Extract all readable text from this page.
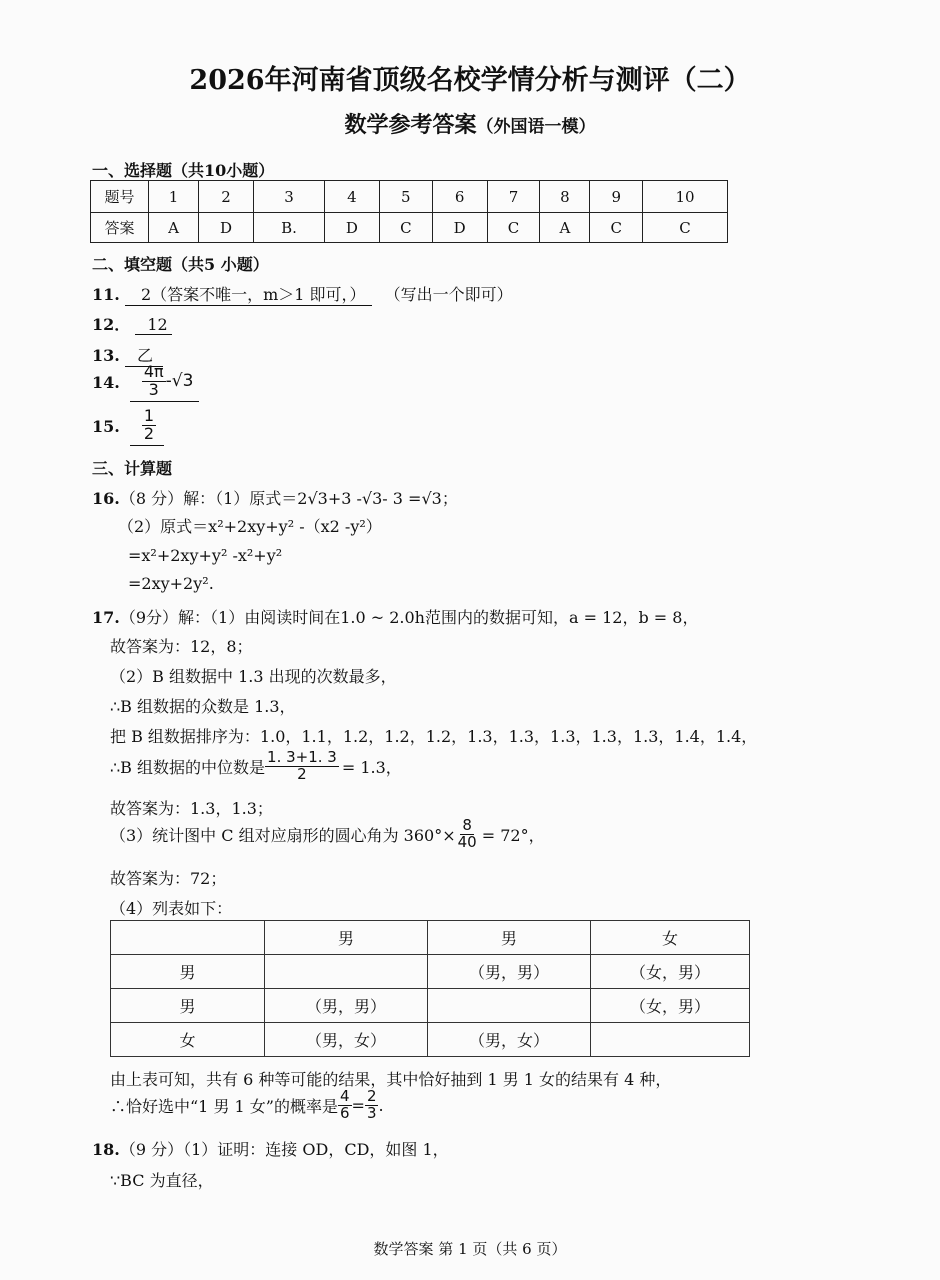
2026年河南省顶级名校学情分析与测评（二）
数学参考答案（外国语一模）
一、选择题（共10小题）
题号	1	2	3	4	5	6	7	8	9	10
答案	A	D	B.	D	C	D	C	A	C	C
二、填空题（共5 小题）
11. 2（答案不唯一，m＞1 即可，） （写出一个即可）
12． 12
13. 乙
14. $\frac{4\pi}{3} -√3$
15. $\frac{1}{2}$
三、计算题
16.（8 分）解：（1）原式＝2√3+3 -√3- 3 =√3；
（2）原式＝x²+2xy+y² -（x2 -y²）
=x²+2xy+y² -x²+y²
=2xy+2y².
17.（9分）解：（1）由阅读时间在1.0 ~ 2.0h范围内的数据可知，a = 12，b = 8，
故答案为：12，8；
（2）B 组数据中 1.3 出现的次数最多，
∴B 组数据的众数是 1.3，
把 B 组数据排序为：1.0，1.1，1.2，1.2，1.2，1.3，1.3，1.3，1.3，1.3，1.4，1.4，
∴B 组数据的中位数是 $\frac{1. 3+1. 3}{2} = 1.3$，
故答案为：1.3，1.3；
（3）统计图中 C 组对应扇形的圆心角为 $360^\circ\times \frac{8}{40} = 72^\circ$，
故答案为：72；
（4）列表如下：
	男	男	女
男		（男，男）	（女，男）
男	（男，男）		（女，男）
女	（男，女）	（男，女）	
由上表可知，共有 6 种等可能的结果，其中恰好抽到 1 男 1 女的结果有 4 种，
∴恰好选中“1 男 1 女”的概率是 $\frac{4}{6} = \frac{2}{3}$ .
18.（9 分）（1）证明：连接 OD，CD，如图 1，
∵BC 为直径，
数学答案 第 1 页（共 6 页）
